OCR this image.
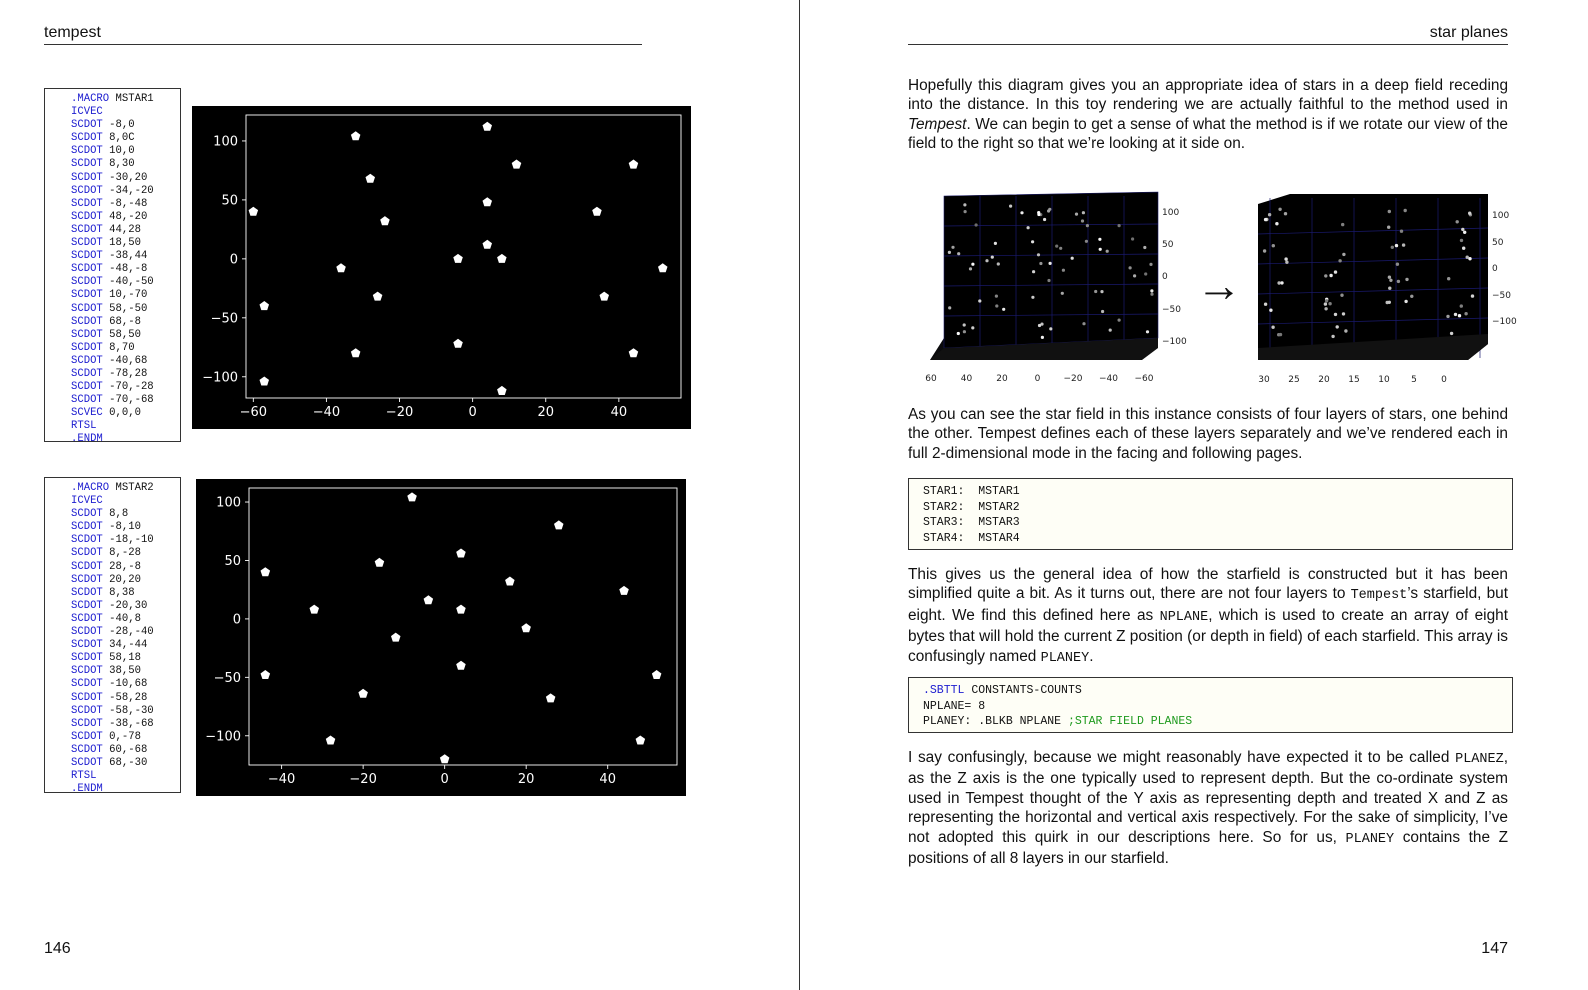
tempest
.MACRO MSTAR1
ICVEC
SCDOT -8,0
SCDOT 8,0C
SCDOT 10,0
SCDOT 8,30
SCDOT -30,20
SCDOT -34,-20
SCDOT -8,-48
SCDOT 48,-20
SCDOT 44,28
SCDOT 18,50
SCDOT -38,44
SCDOT -48,-8
SCDOT -40,-50
SCDOT 10,-70
SCDOT 58,-50
SCDOT 68,-8
SCDOT 58,50
SCDOT 8,70
SCDOT -40,68
SCDOT -78,28
SCDOT -70,-28
SCDOT -70,-68
SCVEC 0,0,0
RTSL
.ENDM
−60	−40	−20	0	20	40
−100
−50
0
50
100
.MACRO MSTAR2
ICVEC
SCDOT 8,8
SCDOT -8,10
SCDOT -18,-10
SCDOT 8,-28
SCDOT 28,-8
SCDOT 20,20
SCDOT 8,38
SCDOT -20,30
SCDOT -40,8
SCDOT -28,-40
SCDOT 34,-44
SCDOT 58,18
SCDOT 38,50
SCDOT -10,68
SCDOT -58,28
SCDOT -58,-30
SCDOT -38,-68
SCDOT 0,-78
SCDOT 60,-68
SCDOT 68,-30
RTSL
.ENDM
−40	−20	0	20	40
−100
−50
0
50
100
146
star planes

Hopefully this diagram gives you an appropriate idea of stars in a deep field receding into the distance. In this toy rendering we are actually faithful to the method used in Tempest. We can begin to get a sense of what the method is if we rotate our view of the field to the right so that we’re looking at it side on.

100
50
0
−50
−100
60	40	20	0	−20 −40 −60
→
100
50
0
−50
−100
30 25 20 15 10 5	0

As you can see the star field in this instance consists of four layers of stars, one behind the other. Tempest defines each of these layers separately and we’ve rendered each in full 2-dimensional mode in the facing and following pages.

STAR1:  MSTAR1
STAR2:  MSTAR2
STAR3:  MSTAR3
STAR4:  MSTAR4

This gives us the general idea of how the starfield is constructed but it has been simplified quite a bit. As it turns out, there are not four layers to Tempest’s starfield, but eight. We find this defined here as NPLANE, which is used to create an array of eight bytes that will hold the current Z position (or depth in field) of each starfield. This array is confusingly named PLANEY.

.SBTTL CONSTANTS-COUNTS
NPLANE= 8
PLANEY: .BLKB NPLANE ;STAR FIELD PLANES

I say confusingly, because we might reasonably have expected it to be called PLANEZ, as the Z axis is the one typically used to represent depth. But the co-ordinate system used in Tempest thought of the Y axis as representing depth and treated X and Z as representing the horizontal and vertical axis respectively. For the sake of simplicity, I’ve not adopted this quirk in our descriptions here. So for us, PLANEY contains the Z positions of all 8 layers in our starfield.

147
